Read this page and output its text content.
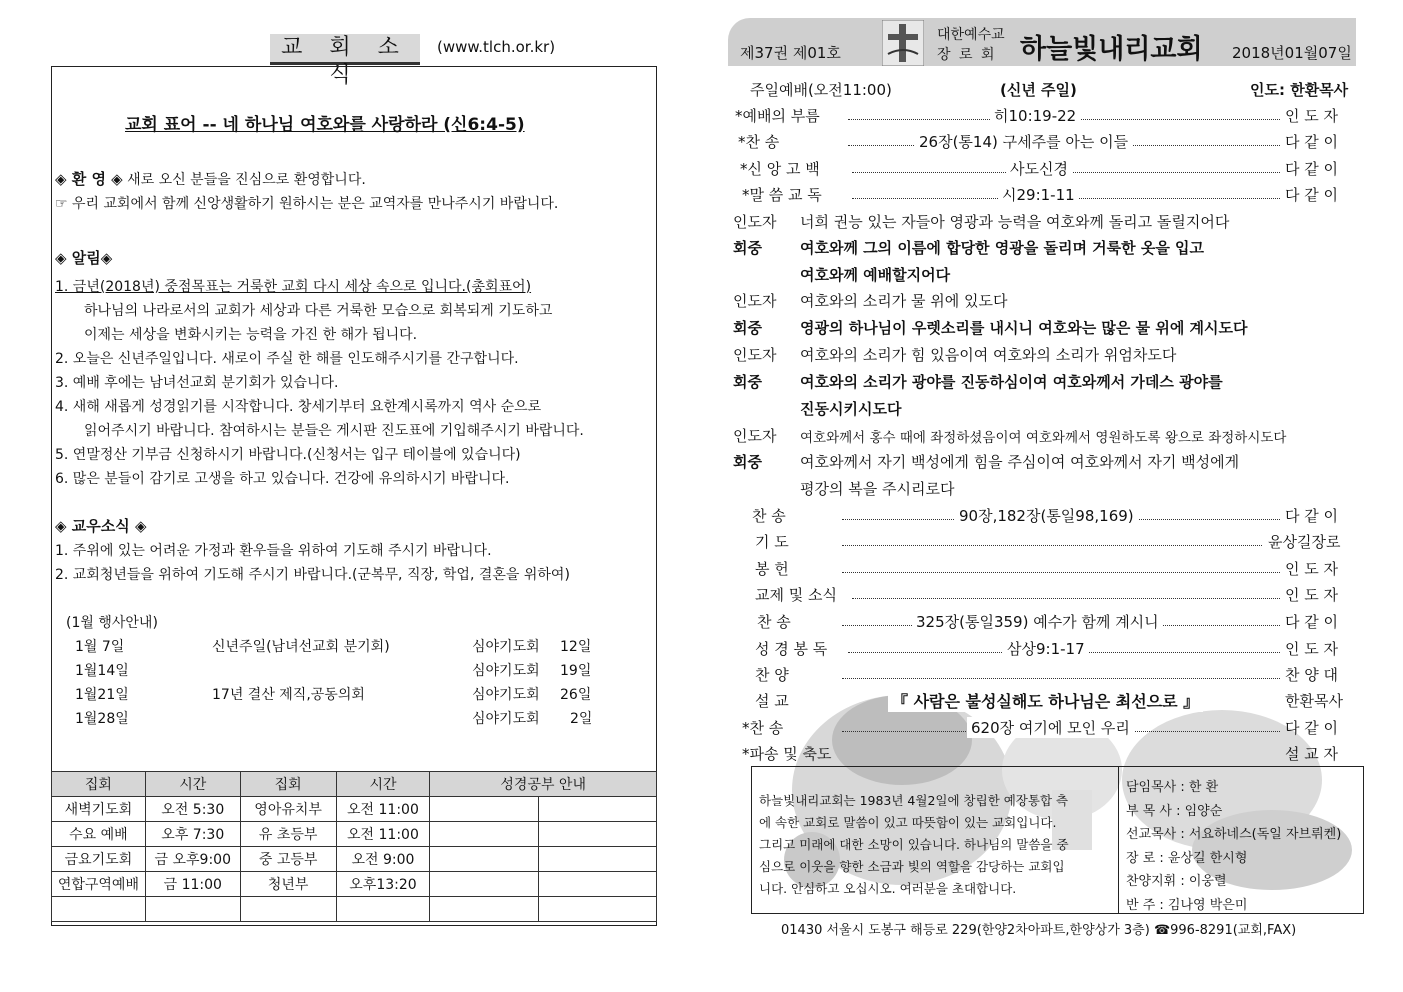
교 회 소 식
(www.tlch.or.kr)
교회 표어 -- 네 하나님 여호와를 사랑하라 (신6:4-5)
◈ 환 영 ◈ 새로 오신 분들을 진심으로 환영합니다.
☞ 우리 교회에서 함께 신앙생활하기 원하시는 분은 교역자를 만나주시기 바랍니다.
◈ 알림◈
1. 금년(2018년) 중점목표는 거룩한 교회 다시 세상 속으로 입니다.(총회표어)
하나님의 나라로서의 교회가 세상과 다른 거룩한 모습으로 회복되게 기도하고
이제는 세상을 변화시키는 능력을 가진 한 해가 됩니다.
2. 오늘은 신년주일입니다. 새로이 주실 한 해를 인도해주시기를 간구합니다.
3. 예배 후에는 남녀선교회 분기회가 있습니다.
4. 새해 새롭게 성경읽기를 시작합니다. 창세기부터 요한계시록까지 역사 순으로
읽어주시기 바랍니다. 참여하시는 분들은 게시판 진도표에 기입해주시기 바랍니다.
5. 연말정산 기부금 신청하시기 바랍니다.(신청서는 입구 테이블에 있습니다)
6. 많은 분들이 감기로 고생을 하고 있습니다. 건강에 유의하시기 바랍니다.
◈ 교우소식 ◈
1. 주위에 있는 어려운 가정과 환우들을 위하여 기도해 주시기 바랍니다.
2. 교회청년들을 위하여 기도해 주시기 바랍니다.(군복무, 직장, 학업, 결혼을 위하여)
(1월 행사안내)
1월 7일	신년주일(남녀선교회 분기회)	심야기도회 12일
1월14일	심야기도회 19일
1월21일	17년 결산 제직,공동의회	심야기도회 26일
1월28일	심야기도회 2일
집회	시간	집회	시간	성경공부 안내	
새벽기도회	오전 5:30	영아유치부	오전 11:00		
수요 예배	오후 7:30	유 초등부	오전 11:00		
금요기도회	금 오후9:00	중 고등부	오전 9:00		
연합구역예배	금 11:00	청년부	오후13:20		

제37권 제01호
대한예수교
장 로 회 하늘빛내리교회 2018년01월07일
주일예배(오전11:00)	(신년 주일)	인도: 한환목사
*예배의 부름	히10:19-22	인 도 자
*찬 송	26장(통14) 구세주를 아는 이들	다 같 이
*신 앙 고 백	사도신경	다 같 이
*말 씀 교 독	시29:1-11	다 같 이
인도자 너희 권능 있는 자들아 영광과 능력을 여호와께 돌리고 돌릴지어다
회중	여호와께 그의 이름에 합당한 영광을 돌리며 거룩한 옷을 입고
여호와께 예배할지어다
인도자 여호와의 소리가 물 위에 있도다
회중	영광의 하나님이 우렛소리를 내시니 여호와는 많은 물 위에 계시도다
인도자 여호와의 소리가 힘 있음이여 여호와의 소리가 위엄차도다
회중	여호와의 소리가 광야를 진동하심이여 여호와께서 가데스 광야를
진동시키시도다
인도자 여호와께서 홍수 때에 좌정하셨음이여 여호와께서 영원하도록 왕으로 좌정하시도다
회중	여호와께서 자기 백성에게 힘을 주심이여 여호와께서 자기 백성에게
평강의 복을 주시리로다
찬 송	90장,182장(통일98,169)	다 같 이
기 도	윤상길장로
봉 헌	인 도 자
교제 및 소식	인 도 자
찬 송	325장(통일359) 예수가 함께 계시니	다 같 이
성 경 봉 독	삼상9:1-17	인 도 자
찬 양	찬 양 대
설 교	『 사람은 불성실해도 하나님은 최선으로 』	한환목사
*찬 송	620장 여기에 모인 우리	다 같 이
*파송 및 축도	설 교 자
하늘빛내리교회는 1983년 4월2일에 창립한 예장통합 측
에 속한 교회로 말씀이 있고 따뜻함이 있는 교회입니다.
그리고 미래에 대한 소망이 있습니다. 하나님의 말씀을 중
심으로 이웃을 향한 소금과 빛의 역할을 감당하는 교회입
니다. 안심하고 오십시오. 여러분을 초대합니다.
담임목사 : 한 환
부 목 사 : 임양순
선교목사 : 서요하네스(독일 자브뤼켄)
장 로 : 윤상길 한시형
찬양지휘 : 이웅렬
반 주 : 김나영 박은미
01430 서울시 도봉구 해등로 229(한양2차아파트,한양상가 3층) ☎996-8291(교회,FAX)
